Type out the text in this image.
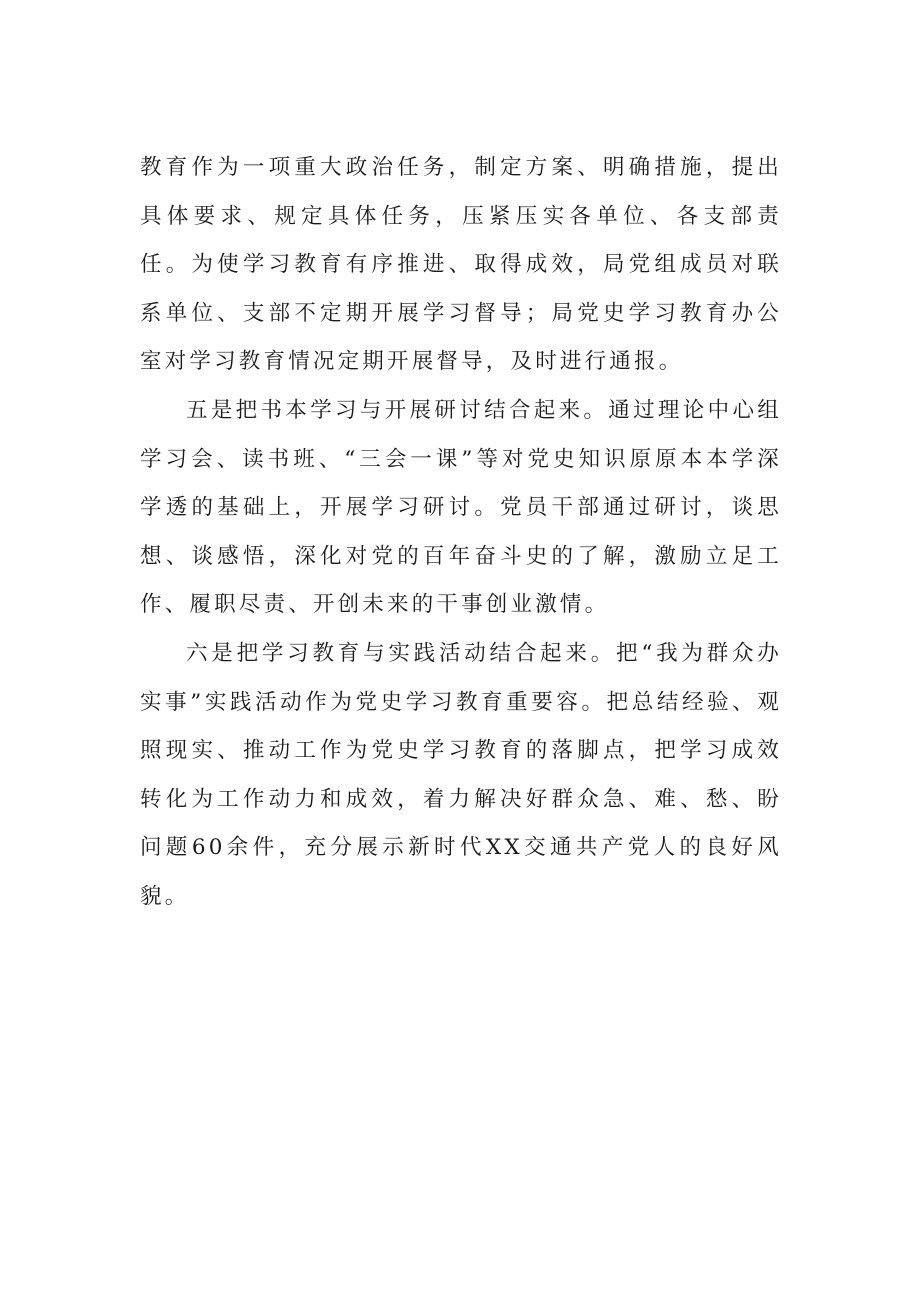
教育作为一项重大政治任务，制定方案、明确措施，提出具体要求、规定具体任务，压紧压实各单位、各支部责任。为使学习教育有序推进、取得成效，局党组成员对联系单位、支部不定期开展学习督导；局党史学习教育办公室对学习教育情况定期开展督导，及时进行通报。

五是把书本学习与开展研讨结合起来。通过理论中心组学习会、读书班、“三会一课”等对党史知识原原本本学深学透的基础上，开展学习研讨。党员干部通过研讨，谈思想、谈感悟，深化对党的百年奋斗史的了解，激励立足工作、履职尽责、开创未来的干事创业激情。

六是把学习教育与实践活动结合起来。把“我为群众办实事”实践活动作为党史学习教育重要容。把总结经验、观照现实、推动工作为党史学习教育的落脚点，把学习成效转化为工作动力和成效，着力解决好群众急、难、愁、盼问题60余件，充分展示新时代XX交通共产党人的良好风貌。
